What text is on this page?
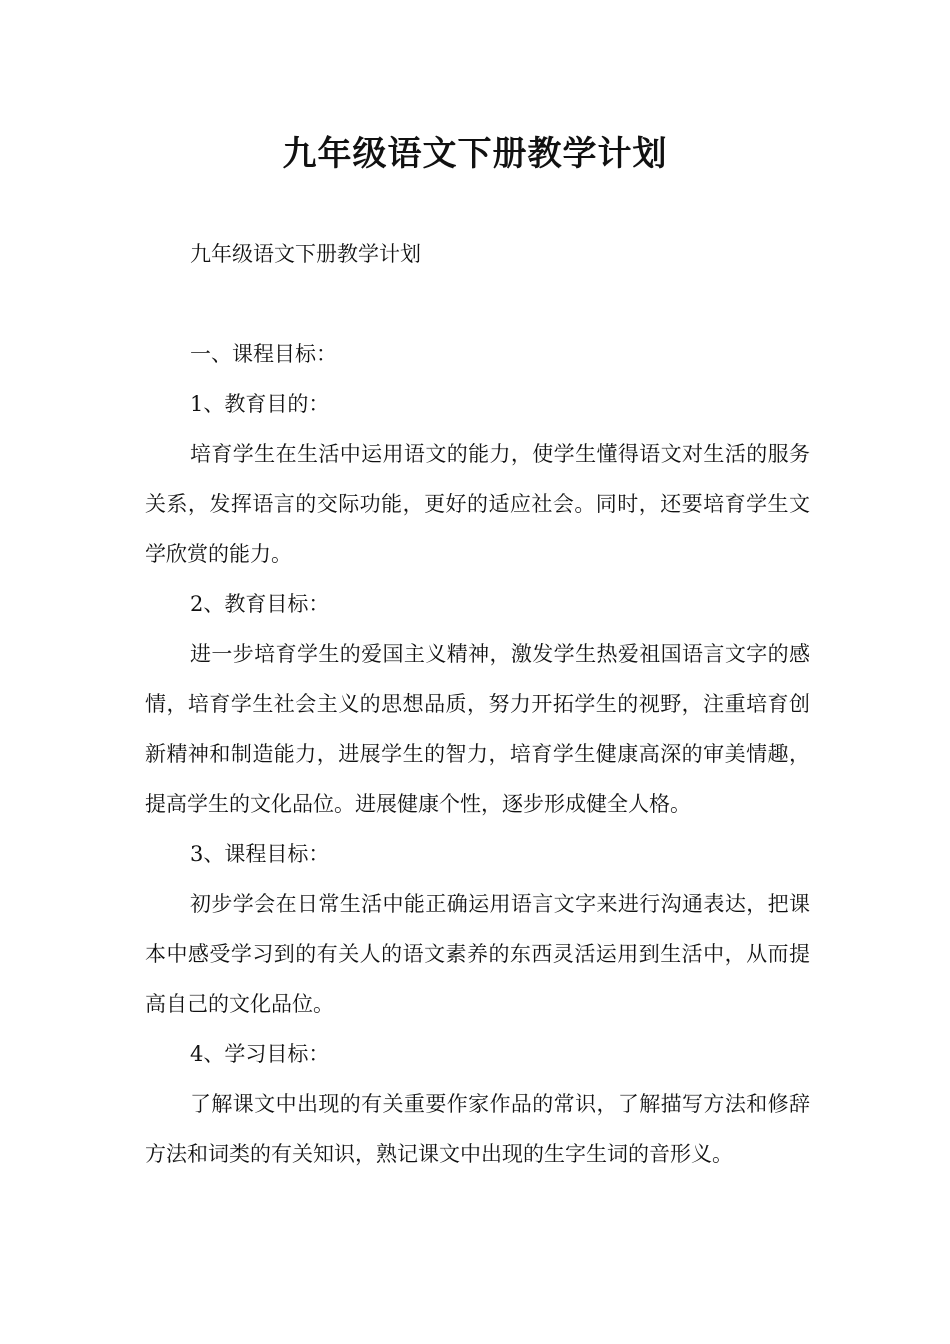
九年级语文下册教学计划

九年级语文下册教学计划

一、课程目标：

1、教育目的：

培育学生在生活中运用语文的能力，使学生懂得语文对生活的服务关系，发挥语言的交际功能，更好的适应社会。同时，还要培育学生文学欣赏的能力。

2、教育目标：

进一步培育学生的爱国主义精神，激发学生热爱祖国语言文字的感情，培育学生社会主义的思想品质，努力开拓学生的视野，注重培育创新精神和制造能力，进展学生的智力，培育学生健康高深的审美情趣，提高学生的文化品位。进展健康个性，逐步形成健全人格。

3、课程目标：

初步学会在日常生活中能正确运用语言文字来进行沟通表达，把课本中感受学习到的有关人的语文素养的东西灵活运用到生活中，从而提高自己的文化品位。

4、学习目标：

了解课文中出现的有关重要作家作品的常识，了解描写方法和修辞方法和词类的有关知识，熟记课文中出现的生字生词的音形义。
